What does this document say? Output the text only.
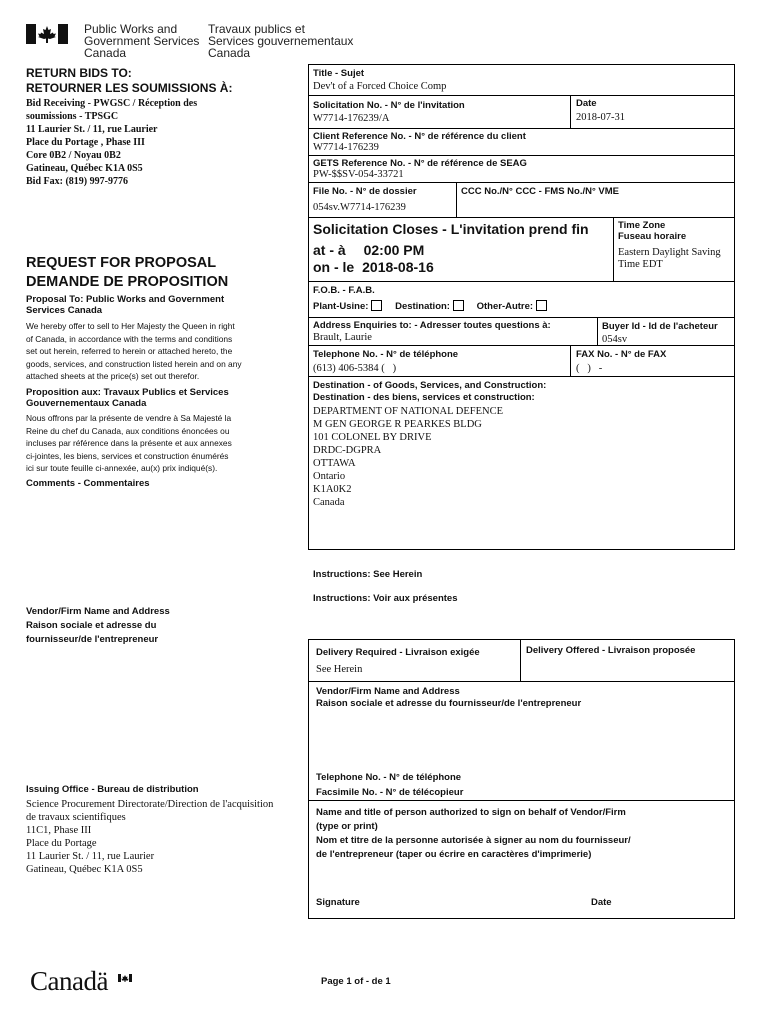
Public Works and
Government Services
Canada
Travaux publics et
Services gouvernementaux
Canada
RETURN BIDS TO:
RETOURNER LES SOUMISSIONS À:
Bid Receiving - PWGSC / Réception des
soumissions - TPSGC
11 Laurier St. / 11, rue Laurier
Place du Portage , Phase III
Core 0B2 / Noyau 0B2
Gatineau, Québec K1A 0S5
Bid Fax: (819) 997-9776
REQUEST FOR PROPOSAL
DEMANDE DE PROPOSITION
Proposal To: Public Works and Government Services Canada
We hereby offer to sell to Her Majesty the Queen in right
of Canada, in accordance with the terms and conditions
set out herein, referred to herein or attached hereto, the
goods, services, and construction listed herein and on any
attached sheets at the price(s) set out therefor.
Proposition aux: Travaux Publics et Services Gouvernementaux Canada
Nous offrons par la présente de vendre à Sa Majesté la
Reine du chef du Canada, aux conditions énoncées ou
incluses par référence dans la présente et aux annexes
ci-jointes, les biens, services et construction énumérés
ici sur toute feuille ci-annexée, au(x) prix indiqué(s).
Comments - Commentaires
Vendor/Firm Name and Address
Raison sociale et adresse du
fournisseur/de l'entrepreneur
Issuing Office - Bureau de distribution
Science Procurement Directorate/Direction de l'acquisition
de travaux scientifiques
11C1, Phase III
Place du Portage
11 Laurier St. / 11, rue Laurier
Gatineau, Québec K1A 0S5
Title - Sujet
Dev't of a Forced Choice Comp
Solicitation No. - N° de l'invitation
W7714-176239/A
Date
2018-07-31
Client Reference No. - N° de référence du client
W7714-176239
GETS Reference No. - N° de référence de SEAG
PW-$$SV-054-33721
File No. - N° de dossier
054sv.W7714-176239
CCC No./N° CCC - FMS No./N° VME
Solicitation Closes - L'invitation prend fin
at - à 02:00 PM
on - le 2018-08-16
Time Zone
Fuseau horaire
Eastern Daylight Saving
Time EDT
F.O.B. - F.A.B.
Plant-Usine:	Destination:	Other-Autre:
Address Enquiries to: - Adresser toutes questions à:
Brault, Laurie
Buyer Id - Id de l'acheteur
054sv
Telephone No. - N° de téléphone
(613) 406-5384 (   )
FAX No. - N° de FAX
(   )   -
Destination - of Goods, Services, and Construction:
Destination - des biens, services et construction:
DEPARTMENT OF NATIONAL DEFENCE
M GEN GEORGE R PEARKES BLDG
101 COLONEL BY DRIVE
DRDC-DGPRA
OTTAWA
Ontario
K1A0K2
Canada
Instructions: See Herein
Instructions: Voir aux présentes
Delivery Required - Livraison exigée
See Herein
Delivery Offered - Livraison proposée
Vendor/Firm Name and Address
Raison sociale et adresse du fournisseur/de l'entrepreneur
Telephone No. - N° de téléphone
Facsimile No. - N° de télécopieur
Name and title of person authorized to sign on behalf of Vendor/Firm
(type or print)
Nom et titre de la personne autorisée à signer au nom du fournisseur/
de l'entrepreneur (taper ou écrire en caractères d'imprimerie)
Signature	Date
Canadä	Page 1 of - de 1
